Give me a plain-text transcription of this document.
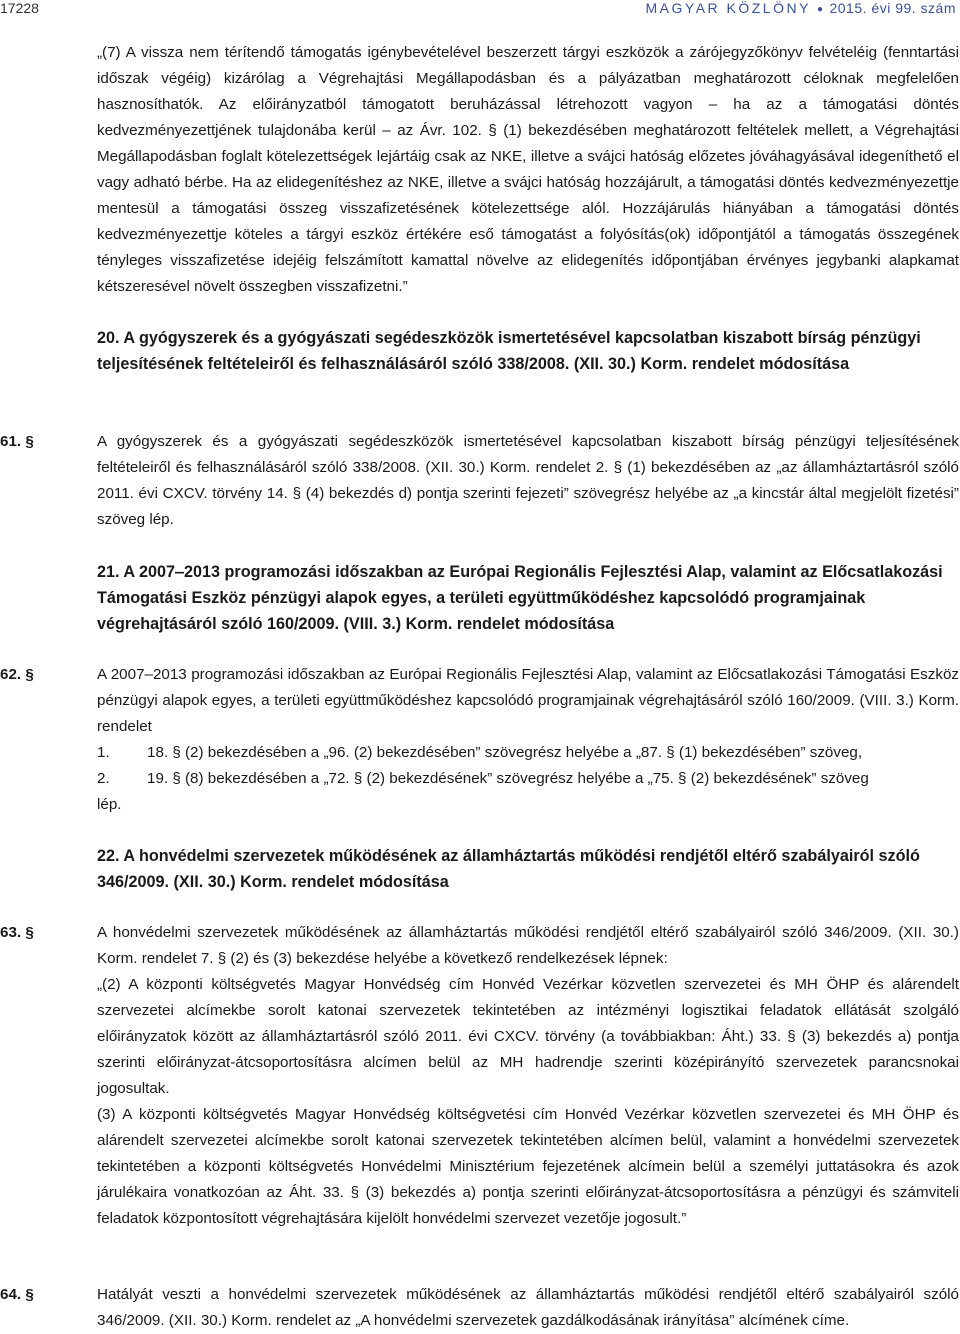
17228	MAGYAR KÖZLÖNY ● 2015. évi 99. szám

„(7) A vissza nem térítendő támogatás igénybevételével beszerzett tárgyi eszközök a zárójegyzőkönyv felvételéig (fenntartási időszak végéig) kizárólag a Végrehajtási Megállapodásban és a pályázatban meghatározott céloknak megfelelően hasznosíthatók. Az előirányzatból támogatott beruházással létrehozott vagyon ‒ ha az a támogatási döntés kedvezményezettjének tulajdonába kerül ‒ az Ávr. 102. § (1) bekezdésében meghatározott feltételek mellett, a Végrehajtási Megállapodásban foglalt kötelezettségek lejártáig csak az NKE, illetve a svájci hatóság előzetes jóváhagyásával idegeníthető el vagy adható bérbe. Ha az elidegenítéshez az NKE, illetve a svájci hatóság hozzájárult, a támogatási döntés kedvezményezettje mentesül a támogatási összeg visszafizetésének kötelezettsége alól. Hozzájárulás hiányában a támogatási döntés kedvezményezettje köteles a tárgyi eszköz értékére eső támogatást a folyósítás(ok) időpontjától a támogatás összegének tényleges visszafizetése idejéig felszámított kamattal növelve az elidegenítés időpontjában érvényes jegybanki alapkamat kétszeresével növelt összegben visszafizetni.”

20. A gyógyszerek és a gyógyászati segédeszközök ismertetésével kapcsolatban kiszabott bírság pénzügyi teljesítésének feltételeiről és felhasználásáról szóló 338/2008. (XII. 30.) Korm. rendelet módosítása

61. §	A gyógyszerek és a gyógyászati segédeszközök ismertetésével kapcsolatban kiszabott bírság pénzügyi teljesítésének feltételeiről és felhasználásáról szóló 338/2008. (XII. 30.) Korm. rendelet 2. § (1) bekezdésében az „az államháztartásról szóló 2011. évi CXCV. törvény 14. § (4) bekezdés d) pontja szerinti fejezeti” szövegrész helyébe az „a kincstár által megjelölt fizetési” szöveg lép.

21. A 2007‒2013 programozási időszakban az Európai Regionális Fejlesztési Alap, valamint az Előcsatlakozási Támogatási Eszköz pénzügyi alapok egyes, a területi együttműködéshez kapcsolódó programjainak végrehajtásáról szóló 160/2009. (VIII. 3.) Korm. rendelet módosítása

62. §	A 2007‒2013 programozási időszakban az Európai Regionális Fejlesztési Alap, valamint az Előcsatlakozási Támogatási Eszköz pénzügyi alapok egyes, a területi együttműködéshez kapcsolódó programjainak végrehajtásáról szóló 160/2009. (VIII. 3.) Korm. rendelet
1.	18. § (2) bekezdésében a „96. (2) bekezdésében” szövegrész helyébe a „87. § (1) bekezdésében” szöveg,
2.	19. § (8) bekezdésében a „72. § (2) bekezdésének” szövegrész helyébe a „75. § (2) bekezdésének” szöveg
lép.

22. A honvédelmi szervezetek működésének az államháztartás működési rendjétől eltérő szabályairól szóló 346/2009. (XII. 30.) Korm. rendelet módosítása

63. §	A honvédelmi szervezetek működésének az államháztartás működési rendjétől eltérő szabályairól szóló 346/2009. (XII. 30.) Korm. rendelet 7. § (2) és (3) bekezdése helyébe a következő rendelkezések lépnek:
„(2) A központi költségvetés Magyar Honvédség cím Honvéd Vezérkar közvetlen szervezetei és MH ÖHP és alárendelt szervezetei alcímekbe sorolt katonai szervezetek tekintetében az intézményi logisztikai feladatok ellátását szolgáló előirányzatok között az államháztartásról szóló 2011. évi CXCV. törvény (a továbbiakban: Áht.) 33. § (3) bekezdés a) pontja szerinti előirányzat-átcsoportosításra alcímen belül az MH hadrendje szerinti középirányító szervezetek parancsnokai jogosultak.
(3) A központi költségvetés Magyar Honvédség költségvetési cím Honvéd Vezérkar közvetlen szervezetei és MH ÖHP és alárendelt szervezetei alcímekbe sorolt katonai szervezetek tekintetében alcímen belül, valamint a honvédelmi szervezetek tekintetében a központi költségvetés Honvédelmi Minisztérium fejezetének alcímein belül a személyi juttatásokra és azok járulékaira vonatkozóan az Áht. 33. § (3) bekezdés a) pontja szerinti előirányzat-átcsoportosításra a pénzügyi és számviteli feladatok központosított végrehajtására kijelölt honvédelmi szervezet vezetője jogosult.”
64. §	Hatályát veszti a honvédelmi szervezetek működésének az államháztartás működési rendjétől eltérő szabályairól szóló 346/2009. (XII. 30.) Korm. rendelet az „A honvédelmi szervezetek gazdálkodásának irányítása” alcímének címe.
